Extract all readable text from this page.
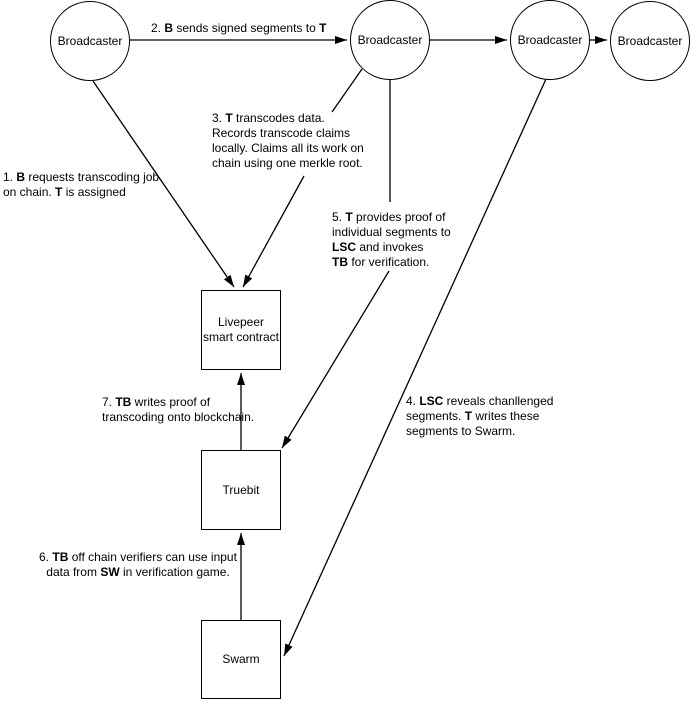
Broadcaster	Broadcaster	Broadcaster	Broadcaster
Livepeer
smart contract
Truebit
Swarm
1. B requests transcoding job
on chain. T is assigned
2. B sends signed segments to T
3. T transcodes data.
Records transcode claims
locally. Claims all its work on
chain using one merkle root.
4. LSC reveals chanllenged
segments. T writes these
segments to Swarm.
5. T provides proof of
individual segments to
LSC and invokes
TB for verification.
6. TB off chain verifiers can use input
data from SW in verification game.
7. TB writes proof of
transcoding onto blockchain.
